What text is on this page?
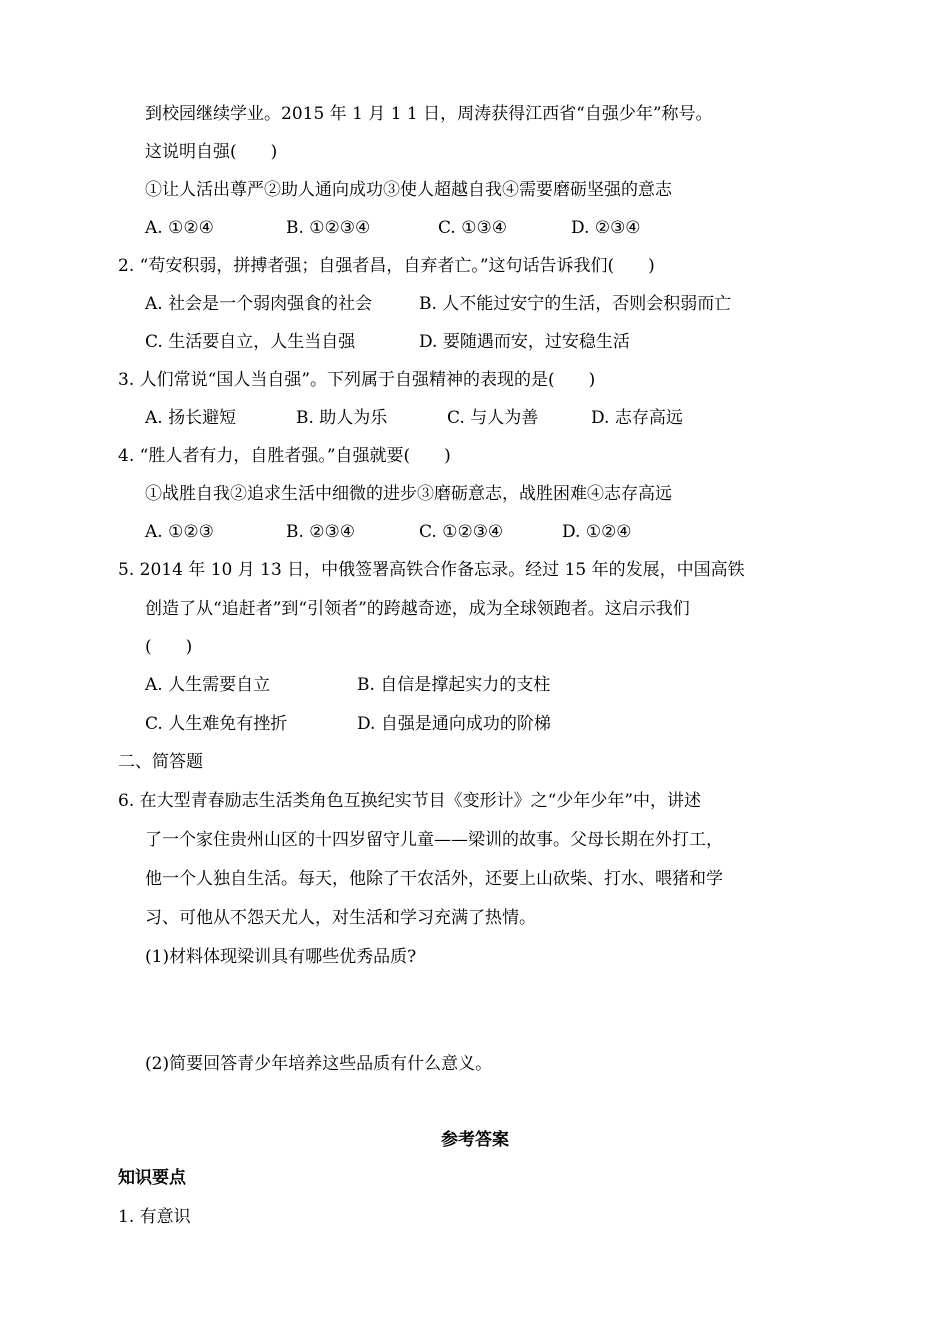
到校园继续学业。2015 年 1 月 1 1 日，周涛获得江西省“自强少年”称号。
这说明自强(　　)
①让人活出尊严②助人通向成功③使人超越自我④需要磨砺坚强的意志
A. ①②④	B. ①②③④	C. ①③④	D. ②③④
2. “苟安积弱，拼搏者强；自强者昌，自弃者亡。”这句话告诉我们(　　)
A. 社会是一个弱肉强食的社会	B. 人不能过安宁的生活，否则会积弱而亡
C. 生活要自立，人生当自强	D. 要随遇而安，过安稳生活
3. 人们常说“国人当自强”。下列属于自强精神的表现的是(　　)
A. 扬长避短	B. 助人为乐	C. 与人为善	D. 志存高远
4. “胜人者有力，自胜者强。”自强就要(　　)
①战胜自我②追求生活中细微的进步③磨砺意志，战胜困难④志存高远
A. ①②③	B. ②③④	C. ①②③④	D. ①②④
5. 2014 年 10 月 13 日，中俄签署高铁合作备忘录。经过 15 年的发展，中国高铁
创造了从“追赶者”到“引领者”的跨越奇迹，成为全球领跑者。这启示我们
(　　)
A. 人生需要自立	B. 自信是撑起实力的支柱
C. 人生难免有挫折	D. 自强是通向成功的阶梯
二、简答题
6. 在大型青春励志生活类角色互换纪实节目《变形计》之“少年少年”中，讲述
了一个家住贵州山区的十四岁留守儿童——梁训的故事。父母长期在外打工，
他一个人独自生活。每天，他除了干农活外，还要上山砍柴、打水、喂猪和学
习、可他从不怨天尤人，对生活和学习充满了热情。
(1)材料体现梁训具有哪些优秀品质?
(2)简要回答青少年培养这些品质有什么意义。
参考答案
知识要点
1. 有意识
